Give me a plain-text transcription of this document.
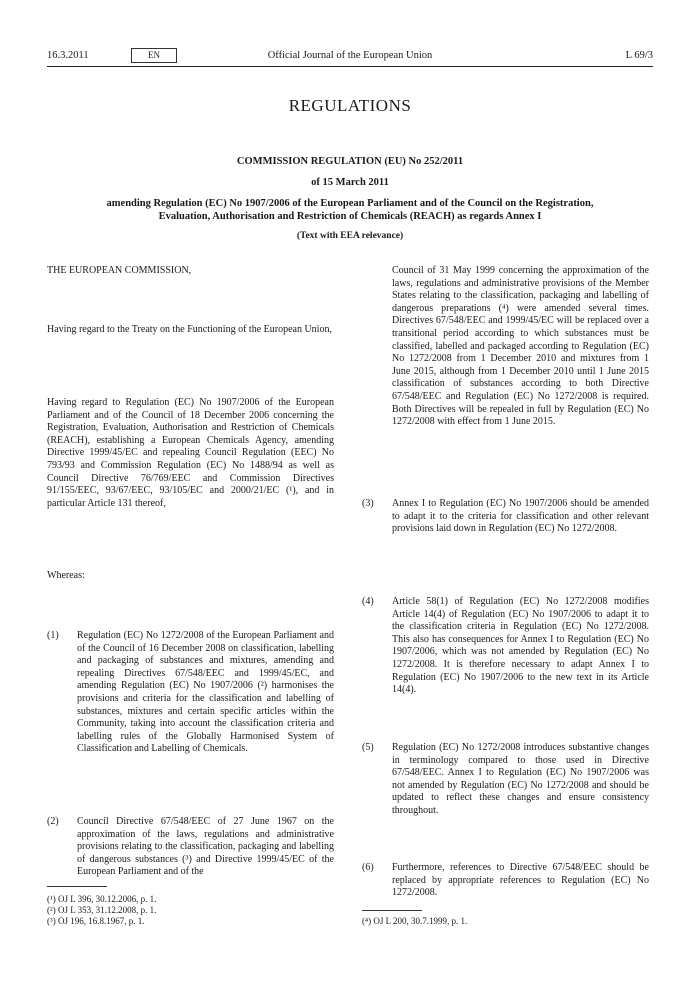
16.3.2011	EN	Official Journal of the European Union	L 69/3
REGULATIONS
COMMISSION REGULATION (EU) No 252/2011
of 15 March 2011
amending Regulation (EC) No 1907/2006 of the European Parliament and of the Council on the Registration, Evaluation, Authorisation and Restriction of Chemicals (REACH) as regards Annex I
(Text with EEA relevance)
THE EUROPEAN COMMISSION,
Having regard to the Treaty on the Functioning of the European Union,
Having regard to Regulation (EC) No 1907/2006 of the European Parliament and of the Council of 18 December 2006 concerning the Registration, Evaluation, Authorisation and Restriction of Chemicals (REACH), establishing a European Chemicals Agency, amending Directive 1999/45/EC and repealing Council Regulation (EEC) No 793/93 and Commission Regulation (EC) No 1488/94 as well as Council Directive 76/769/EEC and Commission Directives 91/155/EEC, 93/67/EEC, 93/105/EC and 2000/21/EC (¹), and in particular Article 131 thereof,
Whereas:
(1) Regulation (EC) No 1272/2008 of the European Parliament and of the Council of 16 December 2008 on classification, labelling and packaging of substances and mixtures, amending and repealing Directives 67/548/EEC and 1999/45/EC, and amending Regulation (EC) No 1907/2006 (²) harmonises the provisions and criteria for the classification and labelling of substances, mixtures and certain specific articles within the Community, taking into account the classification criteria and labelling rules of the Globally Harmonised System of Classification and Labelling of Chemicals.
(2) Council Directive 67/548/EEC of 27 June 1967 on the approximation of the laws, regulations and administrative provisions relating to the classification, packaging and labelling of dangerous substances (³) and Directive 1999/45/EC of the European Parliament and of the
(¹) OJ L 396, 30.12.2006, p. 1.
(²) OJ L 353, 31.12.2008, p. 1.
(³) OJ 196, 16.8.1967, p. 1.
Council of 31 May 1999 concerning the approximation of the laws, regulations and administrative provisions of the Member States relating to the classification, packaging and labelling of dangerous preparations (⁴) were amended several times. Directives 67/548/EEC and 1999/45/EC will be replaced over a transitional period according to which substances must be classified, labelled and packaged according to Regulation (EC) No 1272/2008 from 1 December 2010 and mixtures from 1 June 2015, although from 1 December 2010 until 1 June 2015 classification of substances according to both Directive 67/548/EEC and Regulation (EC) No 1272/2008 is required. Both Directives will be repealed in full by Regulation (EC) No 1272/2008 with effect from 1 June 2015.
(3) Annex I to Regulation (EC) No 1907/2006 should be amended to adapt it to the criteria for classification and other relevant provisions laid down in Regulation (EC) No 1272/2008.
(4) Article 58(1) of Regulation (EC) No 1272/2008 modifies Article 14(4) of Regulation (EC) No 1907/2006 to adapt it to the classification criteria in Regulation (EC) No 1272/2008. This also has consequences for Annex I to Regulation (EC) No 1907/2006, which was not amended by Regulation (EC) No 1272/2008. It is therefore necessary to adapt Annex I to Regulation (EC) No 1907/2006 to the new text in its Article 14(4).
(5) Regulation (EC) No 1272/2008 introduces substantive changes in terminology compared to those used in Directive 67/548/EEC. Annex I to Regulation (EC) No 1907/2006 was not amended by Regulation (EC) No 1272/2008 and should be updated to reflect these changes and ensure consistency throughout.
(6) Furthermore, references to Directive 67/548/EEC should be replaced by appropriate references to Regulation (EC) No 1272/2008.
(⁴) OJ L 200, 30.7.1999, p. 1.
